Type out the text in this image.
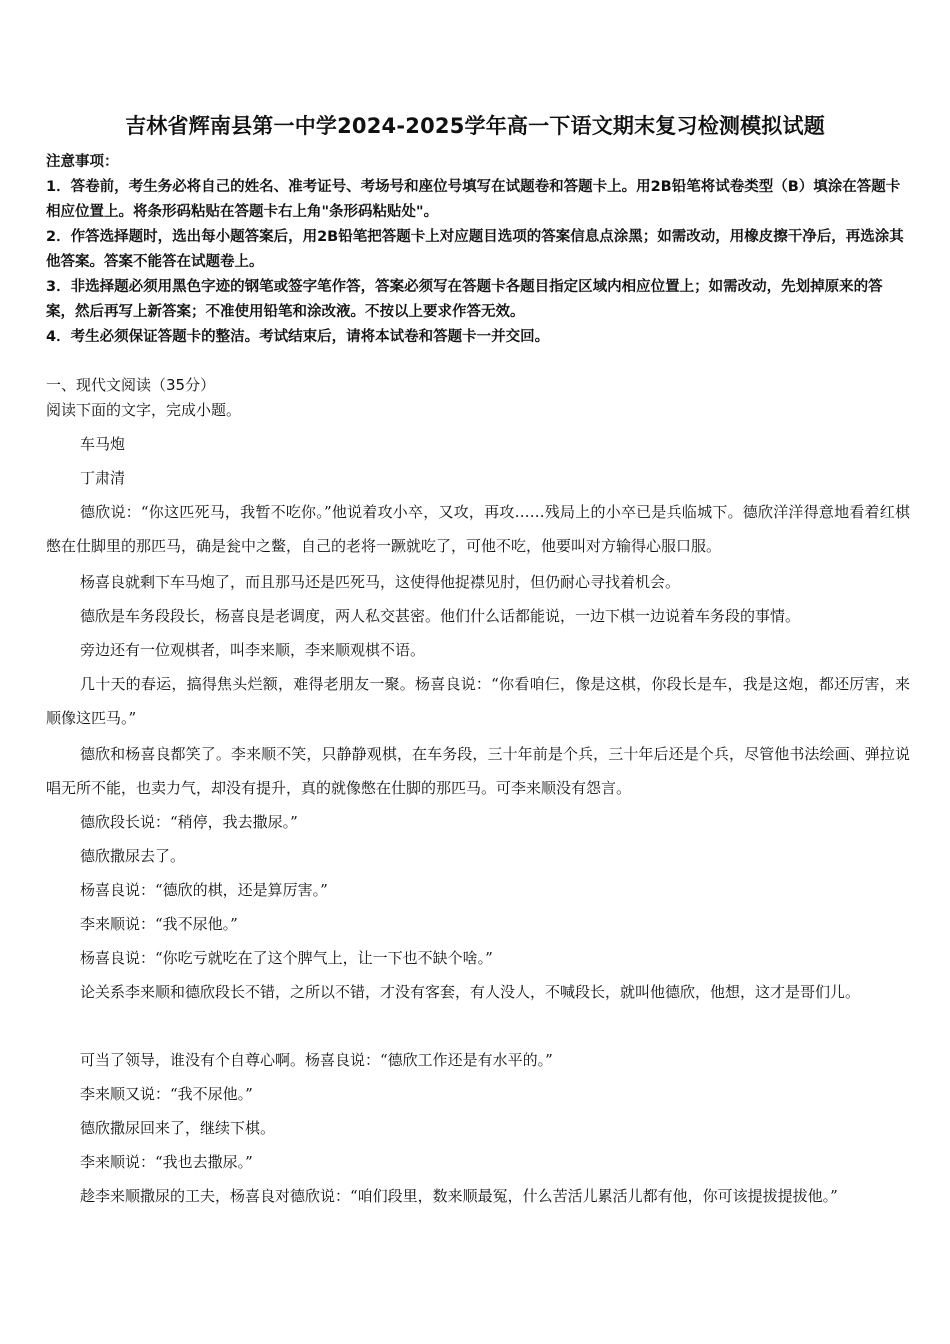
吉林省辉南县第一中学2024-2025学年高一下语文期末复习检测模拟试题
注意事项：
1．答卷前，考生务必将自己的姓名、准考证号、考场号和座位号填写在试题卷和答题卡上。用2B铅笔将试卷类型（B）填涂在答题卡相应位置上。将条形码粘贴在答题卡右上角"条形码粘贴处"。
2．作答选择题时，选出每小题答案后，用2B铅笔把答题卡上对应题目选项的答案信息点涂黑；如需改动，用橡皮擦干净后，再选涂其他答案。答案不能答在试题卷上。
3．非选择题必须用黑色字迹的钢笔或签字笔作答，答案必须写在答题卡各题目指定区域内相应位置上；如需改动，先划掉原来的答案，然后再写上新答案；不准使用铅笔和涂改液。不按以上要求作答无效。
4．考生必须保证答题卡的整洁。考试结束后，请将本试卷和答题卡一并交回。
一、现代文阅读（35分）
阅读下面的文字，完成小题。
车马炮
丁肃清
德欣说：“你这匹死马，我暂不吃你。”他说着攻小卒，又攻，再攻……残局上的小卒已是兵临城下。德欣洋洋得意地看着红棋憋在仕脚里的那匹马，确是瓮中之鳖，自己的老将一蹶就吃了，可他不吃，他要叫对方输得心服口服。
杨喜良就剩下车马炮了，而且那马还是匹死马，这使得他捉襟见肘，但仍耐心寻找着机会。
德欣是车务段段长，杨喜良是老调度，两人私交甚密。他们什么话都能说，一边下棋一边说着车务段的事情。
旁边还有一位观棋者，叫李来顺，李来顺观棋不语。
几十天的春运，搞得焦头烂额，难得老朋友一聚。杨喜良说：“你看咱仨，像是这棋，你段长是车，我是这炮，都还厉害，来顺像这匹马。”
德欣和杨喜良都笑了。李来顺不笑，只静静观棋，在车务段，三十年前是个兵，三十年后还是个兵，尽管他书法绘画、弹拉说唱无所不能，也卖力气，却没有提升，真的就像憋在仕脚的那匹马。可李来顺没有怨言。
德欣段长说：“稍停，我去撒尿。”
德欣撒尿去了。
杨喜良说：“德欣的棋，还是算厉害。”
李来顺说：“我不尿他。”
杨喜良说：“你吃亏就吃在了这个脾气上，让一下也不缺个啥。”
论关系李来顺和德欣段长不错，之所以不错，才没有客套，有人没人，不喊段长，就叫他德欣，他想，这才是哥们儿。
可当了领导，谁没有个自尊心啊。杨喜良说：“德欣工作还是有水平的。”
李来顺又说：“我不尿他。”
德欣撒尿回来了，继续下棋。
李来顺说：“我也去撒尿。”
趁李来顺撒尿的工夫，杨喜良对德欣说：“咱们段里，数来顺最冤，什么苦活儿累活儿都有他，你可该提拔提拔他。”
